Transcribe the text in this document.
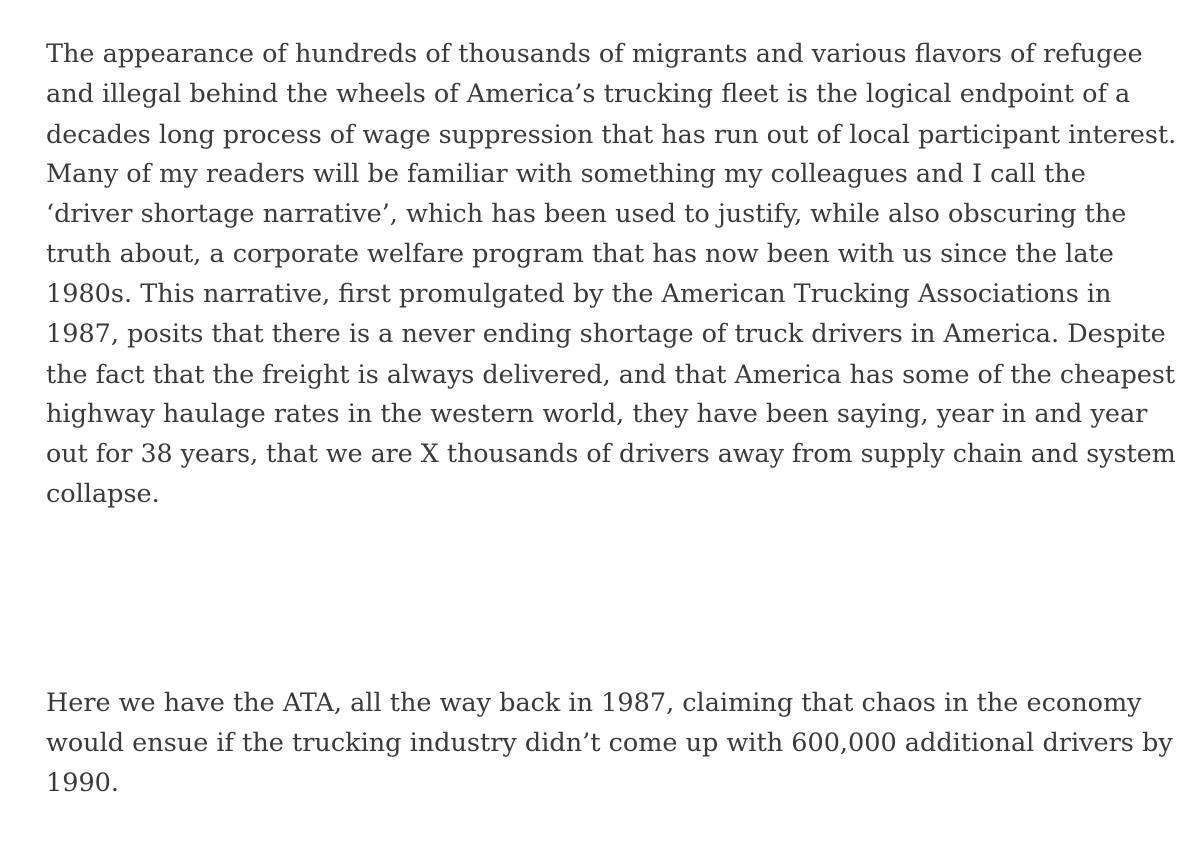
The appearance of hundreds of thousands of migrants and various flavors of refugee
and illegal behind the wheels of America’s trucking fleet is the logical endpoint of a
decades long process of wage suppression that has run out of local participant interest.
Many of my readers will be familiar with something my colleagues and I call the
‘driver shortage narrative’, which has been used to justify, while also obscuring the
truth about, a corporate welfare program that has now been with us since the late
1980s. This narrative, first promulgated by the American Trucking Associations in
1987, posits that there is a never ending shortage of truck drivers in America. Despite
the fact that the freight is always delivered, and that America has some of the cheapest
highway haulage rates in the western world, they have been saying, year in and year
out for 38 years, that we are X thousands of drivers away from supply chain and system
collapse.
Here we have the ATA, all the way back in 1987, claiming that chaos in the economy
would ensue if the trucking industry didn’t come up with 600,000 additional drivers by
1990.
